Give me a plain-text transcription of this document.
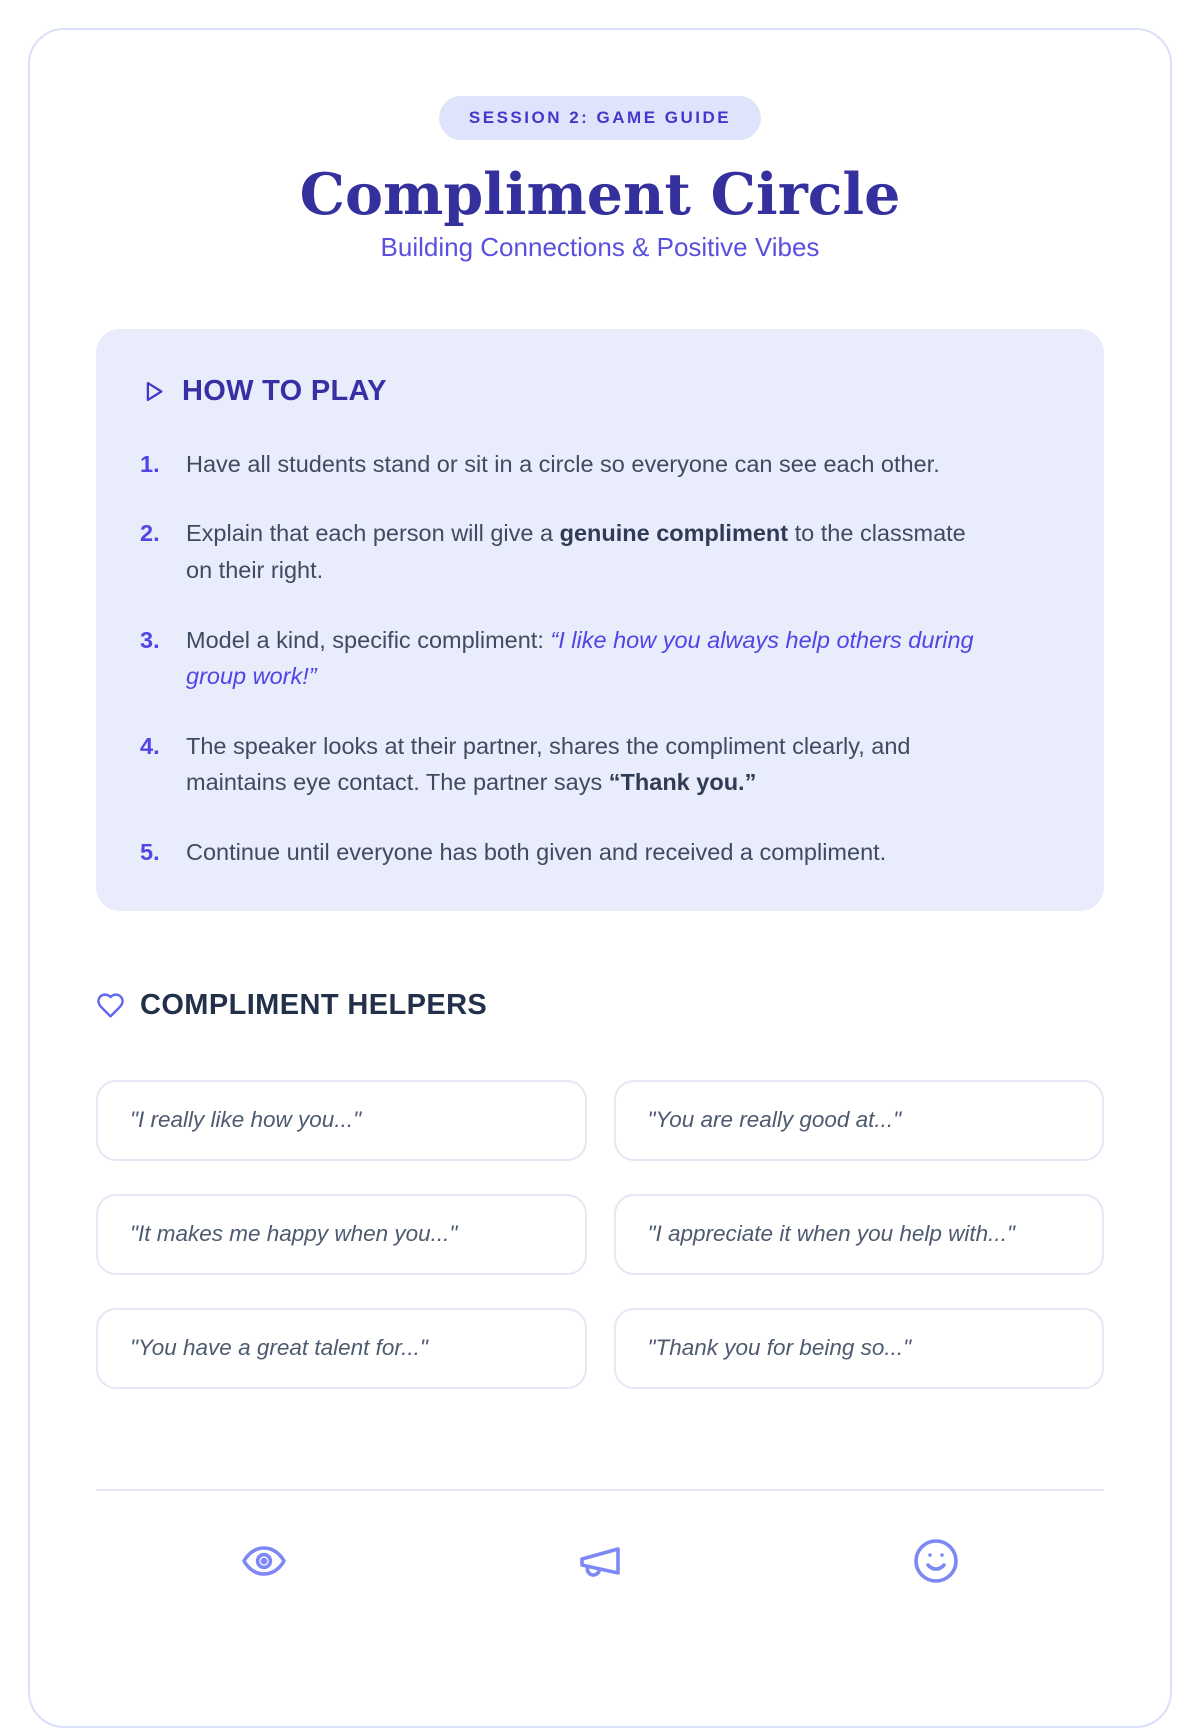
SESSION 2: GAME GUIDE
Compliment Circle
Building Connections & Positive Vibes
HOW TO PLAY
1.	Have all students stand or sit in a circle so everyone can see each other.
2.	Explain that each person will give a genuine compliment to the classmate on their right.
3.	Model a kind, specific compliment: “I like how you always help others during group work!”
4.	The speaker looks at their partner, shares the compliment clearly, and maintains eye contact. The partner says “Thank you.”
5.	Continue until everyone has both given and received a compliment.
COMPLIMENT HELPERS
"I really like how you..."	"You are really good at..."
"It makes me happy when you..."	"I appreciate it when you help with..."
"You have a great talent for..."	"Thank you for being so..."
